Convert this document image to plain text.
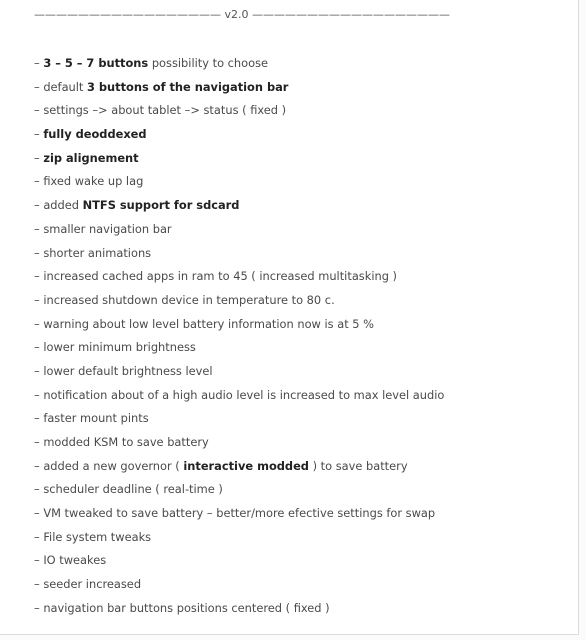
————————————————— v2.0 ——————————————————
– 3 – 5 – 7 buttons possibility to choose
– default 3 buttons of the navigation bar
– settings –> about tablet –> status ( fixed )
– fully deoddexed
– zip alignement
– fixed wake up lag
– added NTFS support for sdcard
– smaller navigation bar
– shorter animations
– increased cached apps in ram to 45 ( increased multitasking )
– increased shutdown device in temperature to 80 c.
– warning about low level battery information now is at 5 %
– lower minimum brightness
– lower default brightness level
– notification about of a high audio level is increased to max level audio
– faster mount pints
– modded KSM to save battery
– added a new governor ( interactive modded ) to save battery
– scheduler deadline ( real-time )
– VM tweaked to save battery – better/more efective settings for swap
– File system tweaks
– IO tweakes
– seeder increased
– navigation bar buttons positions centered ( fixed )
